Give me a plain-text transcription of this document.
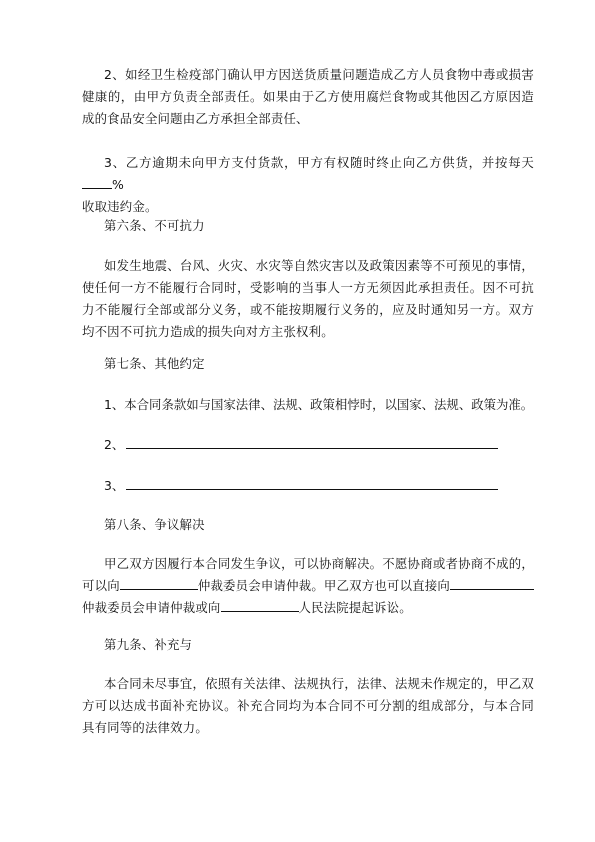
2、如经卫生检疫部门确认甲方因送货质量问题造成乙方人员食物中毒或损害健康的，由甲方负责全部责任。如果由于乙方使用腐烂食物或其他因乙方原因造成的食品安全问题由乙方承担全部责任、

3、乙方逾期未向甲方支付货款，甲方有权随时终止向乙方供货，并按每天%
收取违约金。

第六条、不可抗力

如发生地震、台风、火灾、水灾等自然灾害以及政策因素等不可预见的事情，使任何一方不能履行合同时，受影响的当事人一方无须因此承担责任。因不可抗力不能履行全部或部分义务，或不能按期履行义务的，应及时通知另一方。双方均不因不可抗力造成的损失向对方主张权利。

第七条、其他约定

1、本合同条款如与国家法律、法规、政策相悖时，以国家、法规、政策为准。

2、

3、

第八条、争议解决

甲乙双方因履行本合同发生争议，可以协商解决。不愿协商或者协商不成的，可以向	仲裁委员会申请仲裁。甲乙双方也可以直接向仲裁委员会申请仲裁或向	人民法院提起诉讼。

第九条、补充与

本合同未尽事宜，依照有关法律、法规执行，法律、法规未作规定的，甲乙双方可以达成书面补充协议。补充合同均为本合同不可分割的组成部分，与本合同具有同等的法律效力。
